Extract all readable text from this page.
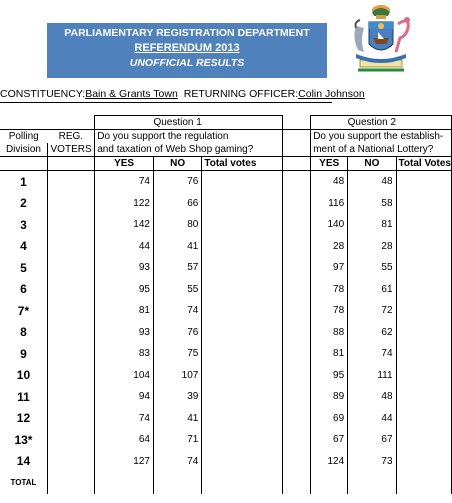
PARLIAMENTARY REGISTRATION DEPARTMENT
REFERENDUM 2013
UNOFFICIAL RESULTS
CONSTITUENCY:Bain & Grants Town RETURNING OFFICER:Colin Johnson
			Question 1				Question 2	
Polling	REG.	Do you support the regulation				Do you support the establish-		
Division	VOTERS	and taxation of Web Shop gaming?				ment of a National Lottery?		
		YES	NO	Total votes		YES	NO	Total Votes
1		74	76			48	48	
2		122	66			116	58	
3		142	80			140	81	
4		44	41			28	28	
5		93	57			97	55	
6		95	55			78	61	
7*		81	74			78	72	
8		93	76			88	62	
9		83	75			81	74	
10		104	107			95	111	
11		94	39			89	48	
12		74	41			69	44	
13*		64	71			67	67	
14		127	74			124	73	
TOTAL								
